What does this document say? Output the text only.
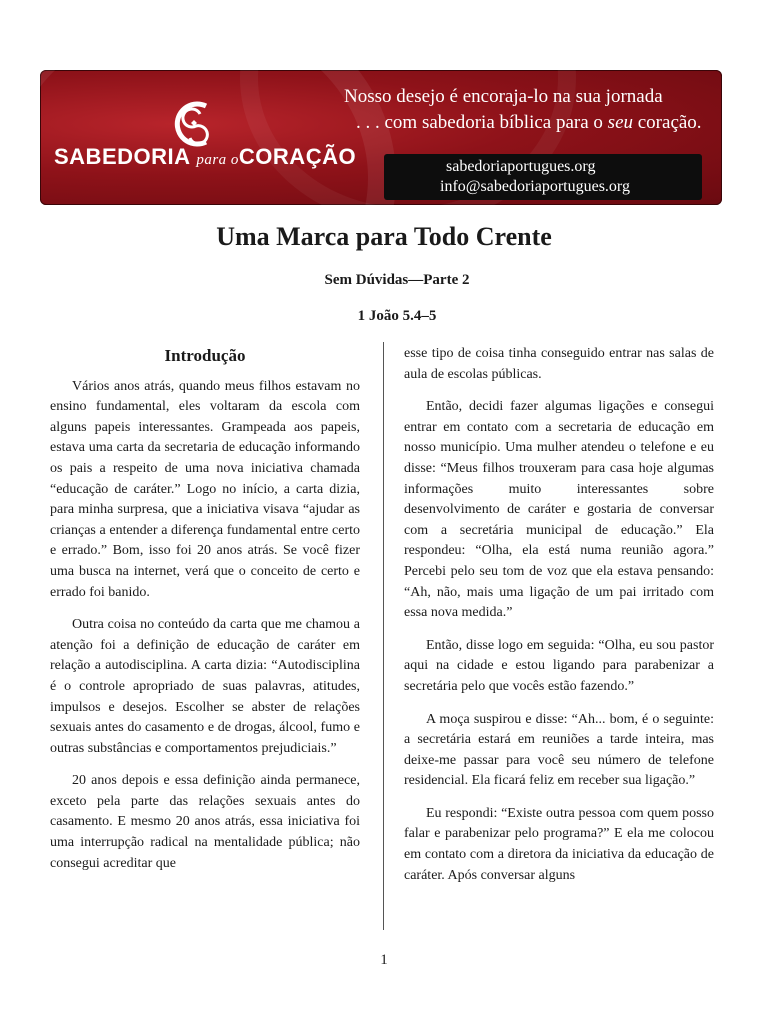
SABEDORIA para oCORAÇÃO
Nosso desejo é encoraja-lo na sua jornada
. . . com sabedoria bíblica para o seu coração.
sabedoriaportugues.org
info@sabedoriaportugues.org
Uma Marca para Todo Crente
Sem Dúvidas—Parte 2
1 João 5.4–5
Introdução

Vários anos atrás, quando meus filhos estavam no ensino fundamental, eles voltaram da escola com alguns papeis interessantes. Grampeada aos papeis, estava uma carta da secretaria de educação informando os pais a respeito de uma nova iniciativa chamada “educação de caráter.” Logo no início, a carta dizia, para minha surpresa, que a iniciativa visava “ajudar as crianças a entender a diferença fundamental entre certo e errado.” Bom, isso foi 20 anos atrás. Se você fizer uma busca na internet, verá que o conceito de certo e errado foi banido.

Outra coisa no conteúdo da carta que me chamou a atenção foi a definição de educação de caráter em relação a autodisciplina. A carta dizia: “Autodisciplina é o controle apropriado de suas palavras, atitudes, impulsos e desejos. Escolher se abster de relações sexuais antes do casamento e de drogas, álcool, fumo e outras substâncias e comportamentos prejudiciais.”

20 anos depois e essa definição ainda permanece, exceto pela parte das relações sexuais antes do casamento. E mesmo 20 anos atrás, essa iniciativa foi uma interrupção radical na mentalidade pública; não consegui acreditar que

esse tipo de coisa tinha conseguido entrar nas salas de aula de escolas públicas.

Então, decidi fazer algumas ligações e consegui entrar em contato com a secretaria de educação em nosso município. Uma mulher atendeu o telefone e eu disse: “Meus filhos trouxeram para casa hoje algumas informações muito interessantes sobre desenvolvimento de caráter e gostaria de conversar com a secretária municipal de educação.” Ela respondeu: “Olha, ela está numa reunião agora.” Percebi pelo seu tom de voz que ela estava pensando: “Ah, não, mais uma ligação de um pai irritado com essa nova medida.”

Então, disse logo em seguida: “Olha, eu sou pastor aqui na cidade e estou ligando para parabenizar a secretária pelo que vocês estão fazendo.”

A moça suspirou e disse: “Ah... bom, é o seguinte: a secretária estará em reuniões a tarde inteira, mas deixe-me passar para você seu número de telefone residencial. Ela ficará feliz em receber sua ligação.”

Eu respondi: “Existe outra pessoa com quem posso falar e parabenizar pelo programa?” E ela me colocou em contato com a diretora da iniciativa da educação de caráter. Após conversar alguns

1
